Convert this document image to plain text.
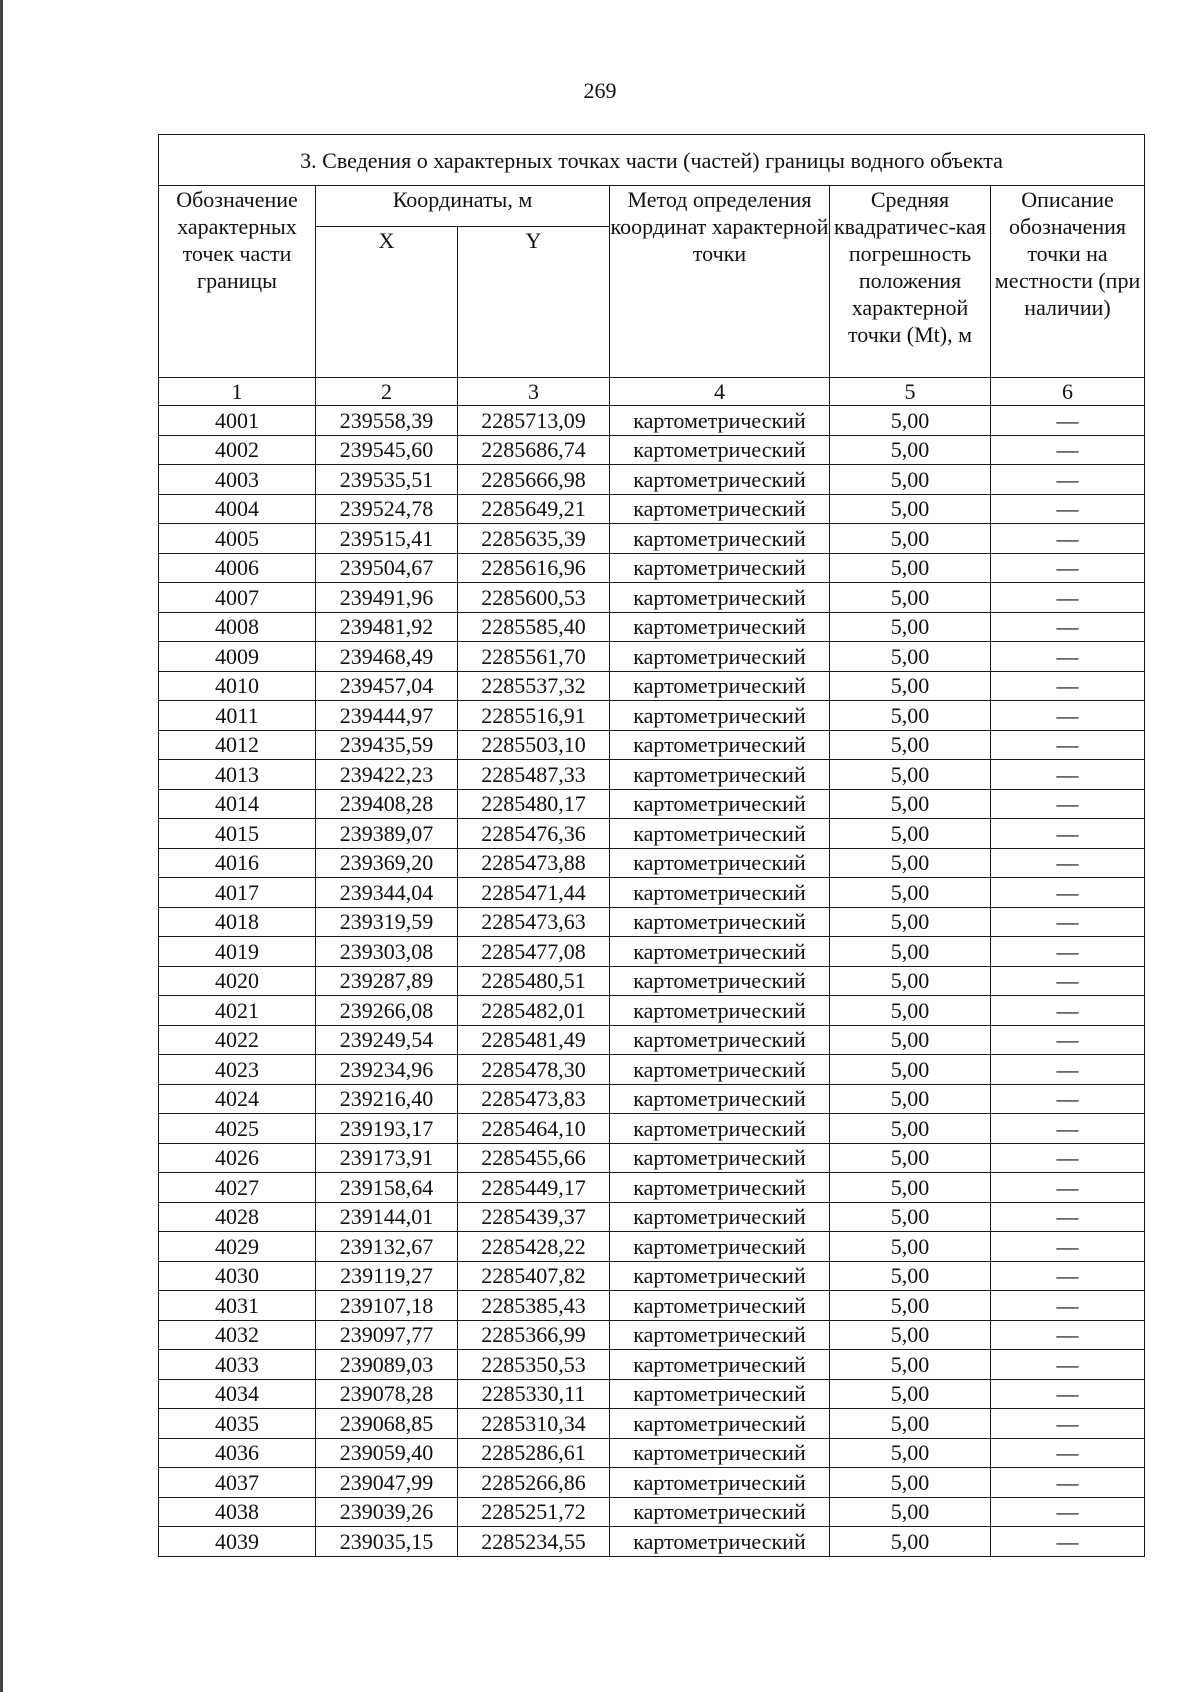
269
3. Сведения о характерных точках части (частей) границы водного объекта					
Обозначение характерных точек части границы	Координаты, м		Метод определения координат характерной точки	Средняя квадратичес-кая погрешность положения характерной точки (Mt), м	Описание обозначения точки на местности (при наличии)
	X	Y			
1	2	3	4	5	6
4001	239558,39	2285713,09	картометрический	5,00	—
4002	239545,60	2285686,74	картометрический	5,00	—
4003	239535,51	2285666,98	картометрический	5,00	—
4004	239524,78	2285649,21	картометрический	5,00	—
4005	239515,41	2285635,39	картометрический	5,00	—
4006	239504,67	2285616,96	картометрический	5,00	—
4007	239491,96	2285600,53	картометрический	5,00	—
4008	239481,92	2285585,40	картометрический	5,00	—
4009	239468,49	2285561,70	картометрический	5,00	—
4010	239457,04	2285537,32	картометрический	5,00	—
4011	239444,97	2285516,91	картометрический	5,00	—
4012	239435,59	2285503,10	картометрический	5,00	—
4013	239422,23	2285487,33	картометрический	5,00	—
4014	239408,28	2285480,17	картометрический	5,00	—
4015	239389,07	2285476,36	картометрический	5,00	—
4016	239369,20	2285473,88	картометрический	5,00	—
4017	239344,04	2285471,44	картометрический	5,00	—
4018	239319,59	2285473,63	картометрический	5,00	—
4019	239303,08	2285477,08	картометрический	5,00	—
4020	239287,89	2285480,51	картометрический	5,00	—
4021	239266,08	2285482,01	картометрический	5,00	—
4022	239249,54	2285481,49	картометрический	5,00	—
4023	239234,96	2285478,30	картометрический	5,00	—
4024	239216,40	2285473,83	картометрический	5,00	—
4025	239193,17	2285464,10	картометрический	5,00	—
4026	239173,91	2285455,66	картометрический	5,00	—
4027	239158,64	2285449,17	картометрический	5,00	—
4028	239144,01	2285439,37	картометрический	5,00	—
4029	239132,67	2285428,22	картометрический	5,00	—
4030	239119,27	2285407,82	картометрический	5,00	—
4031	239107,18	2285385,43	картометрический	5,00	—
4032	239097,77	2285366,99	картометрический	5,00	—
4033	239089,03	2285350,53	картометрический	5,00	—
4034	239078,28	2285330,11	картометрический	5,00	—
4035	239068,85	2285310,34	картометрический	5,00	—
4036	239059,40	2285286,61	картометрический	5,00	—
4037	239047,99	2285266,86	картометрический	5,00	—
4038	239039,26	2285251,72	картометрический	5,00	—
4039	239035,15	2285234,55	картометрический	5,00	—
